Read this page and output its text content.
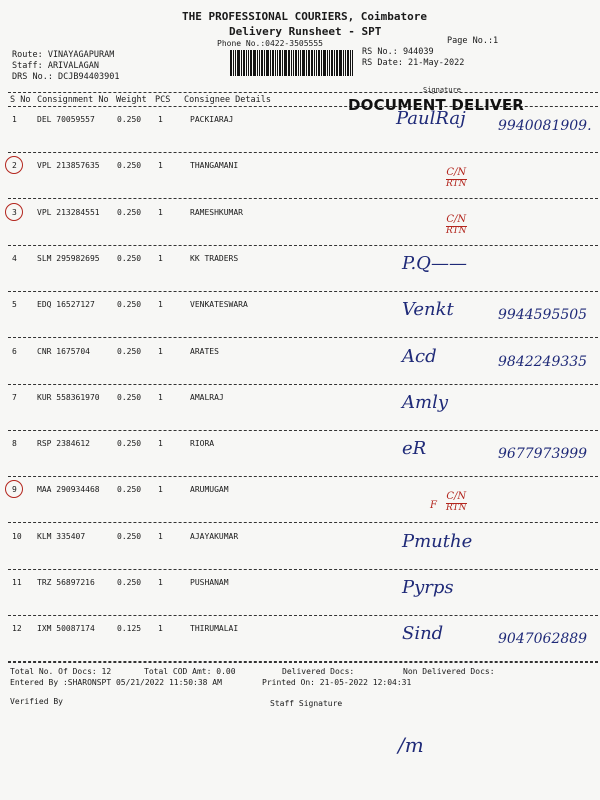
THE PROFESSIONAL COURIERS, Coimbatore
Delivery Runsheet - SPT
Phone No.:0422-3505555	Page No.:1
RS No.: 944039
RS Date: 21-May-2022
Route: VINAYAGAPURAM
Staff: ARIVALAGAN
DRS No.: DCJB94403901
Signature
S No Consignment No Weight PCS Consignee Details	DOCUMENT DELIVER
1	DEL 70059557	0.250 1	PACKIARAJ	PaulRaj 9940081909.
2	VPL 213857635 0.250 1	THANGAMANI
C/N
RTN
3	VPL 213284551 0.250 1	RAMESHKUMAR
C/N
RTN
4	SLM 295982695 0.250 1	KK TRADERS	P.Q——
5	EDQ 16527127	0.250 1	VENKATESWARA	Venkt	9944595505
6	CNR 1675704	0.250 1	ARATES	Acd	9842249335
7	KUR 558361970 0.250 1	AMALRAJ	Amly
8	RSP 2384612	0.250 1	RIORA	eR	9677973999
9	MAA 290934468 0.250 1	ARUMUGAM
C/N
RTN
F
10 KLM 335407	0.250 1	AJAYAKUMAR	Pmuthe
11 TRZ 56897216	0.250 1	PUSHANAM	Pyrps
12 IXM 50087174	0.125 1	THIRUMALAI	Sind	9047062889
Total No. Of Docs: 12	Total COD Amt: 0.00	Delivered Docs:	Non Delivered Docs:
Entered By :SHARONSPT 05/21/2022 11:50:38 AM	Printed On: 21-05-2022 12:04:31
Verified By	Staff Signature
/m
